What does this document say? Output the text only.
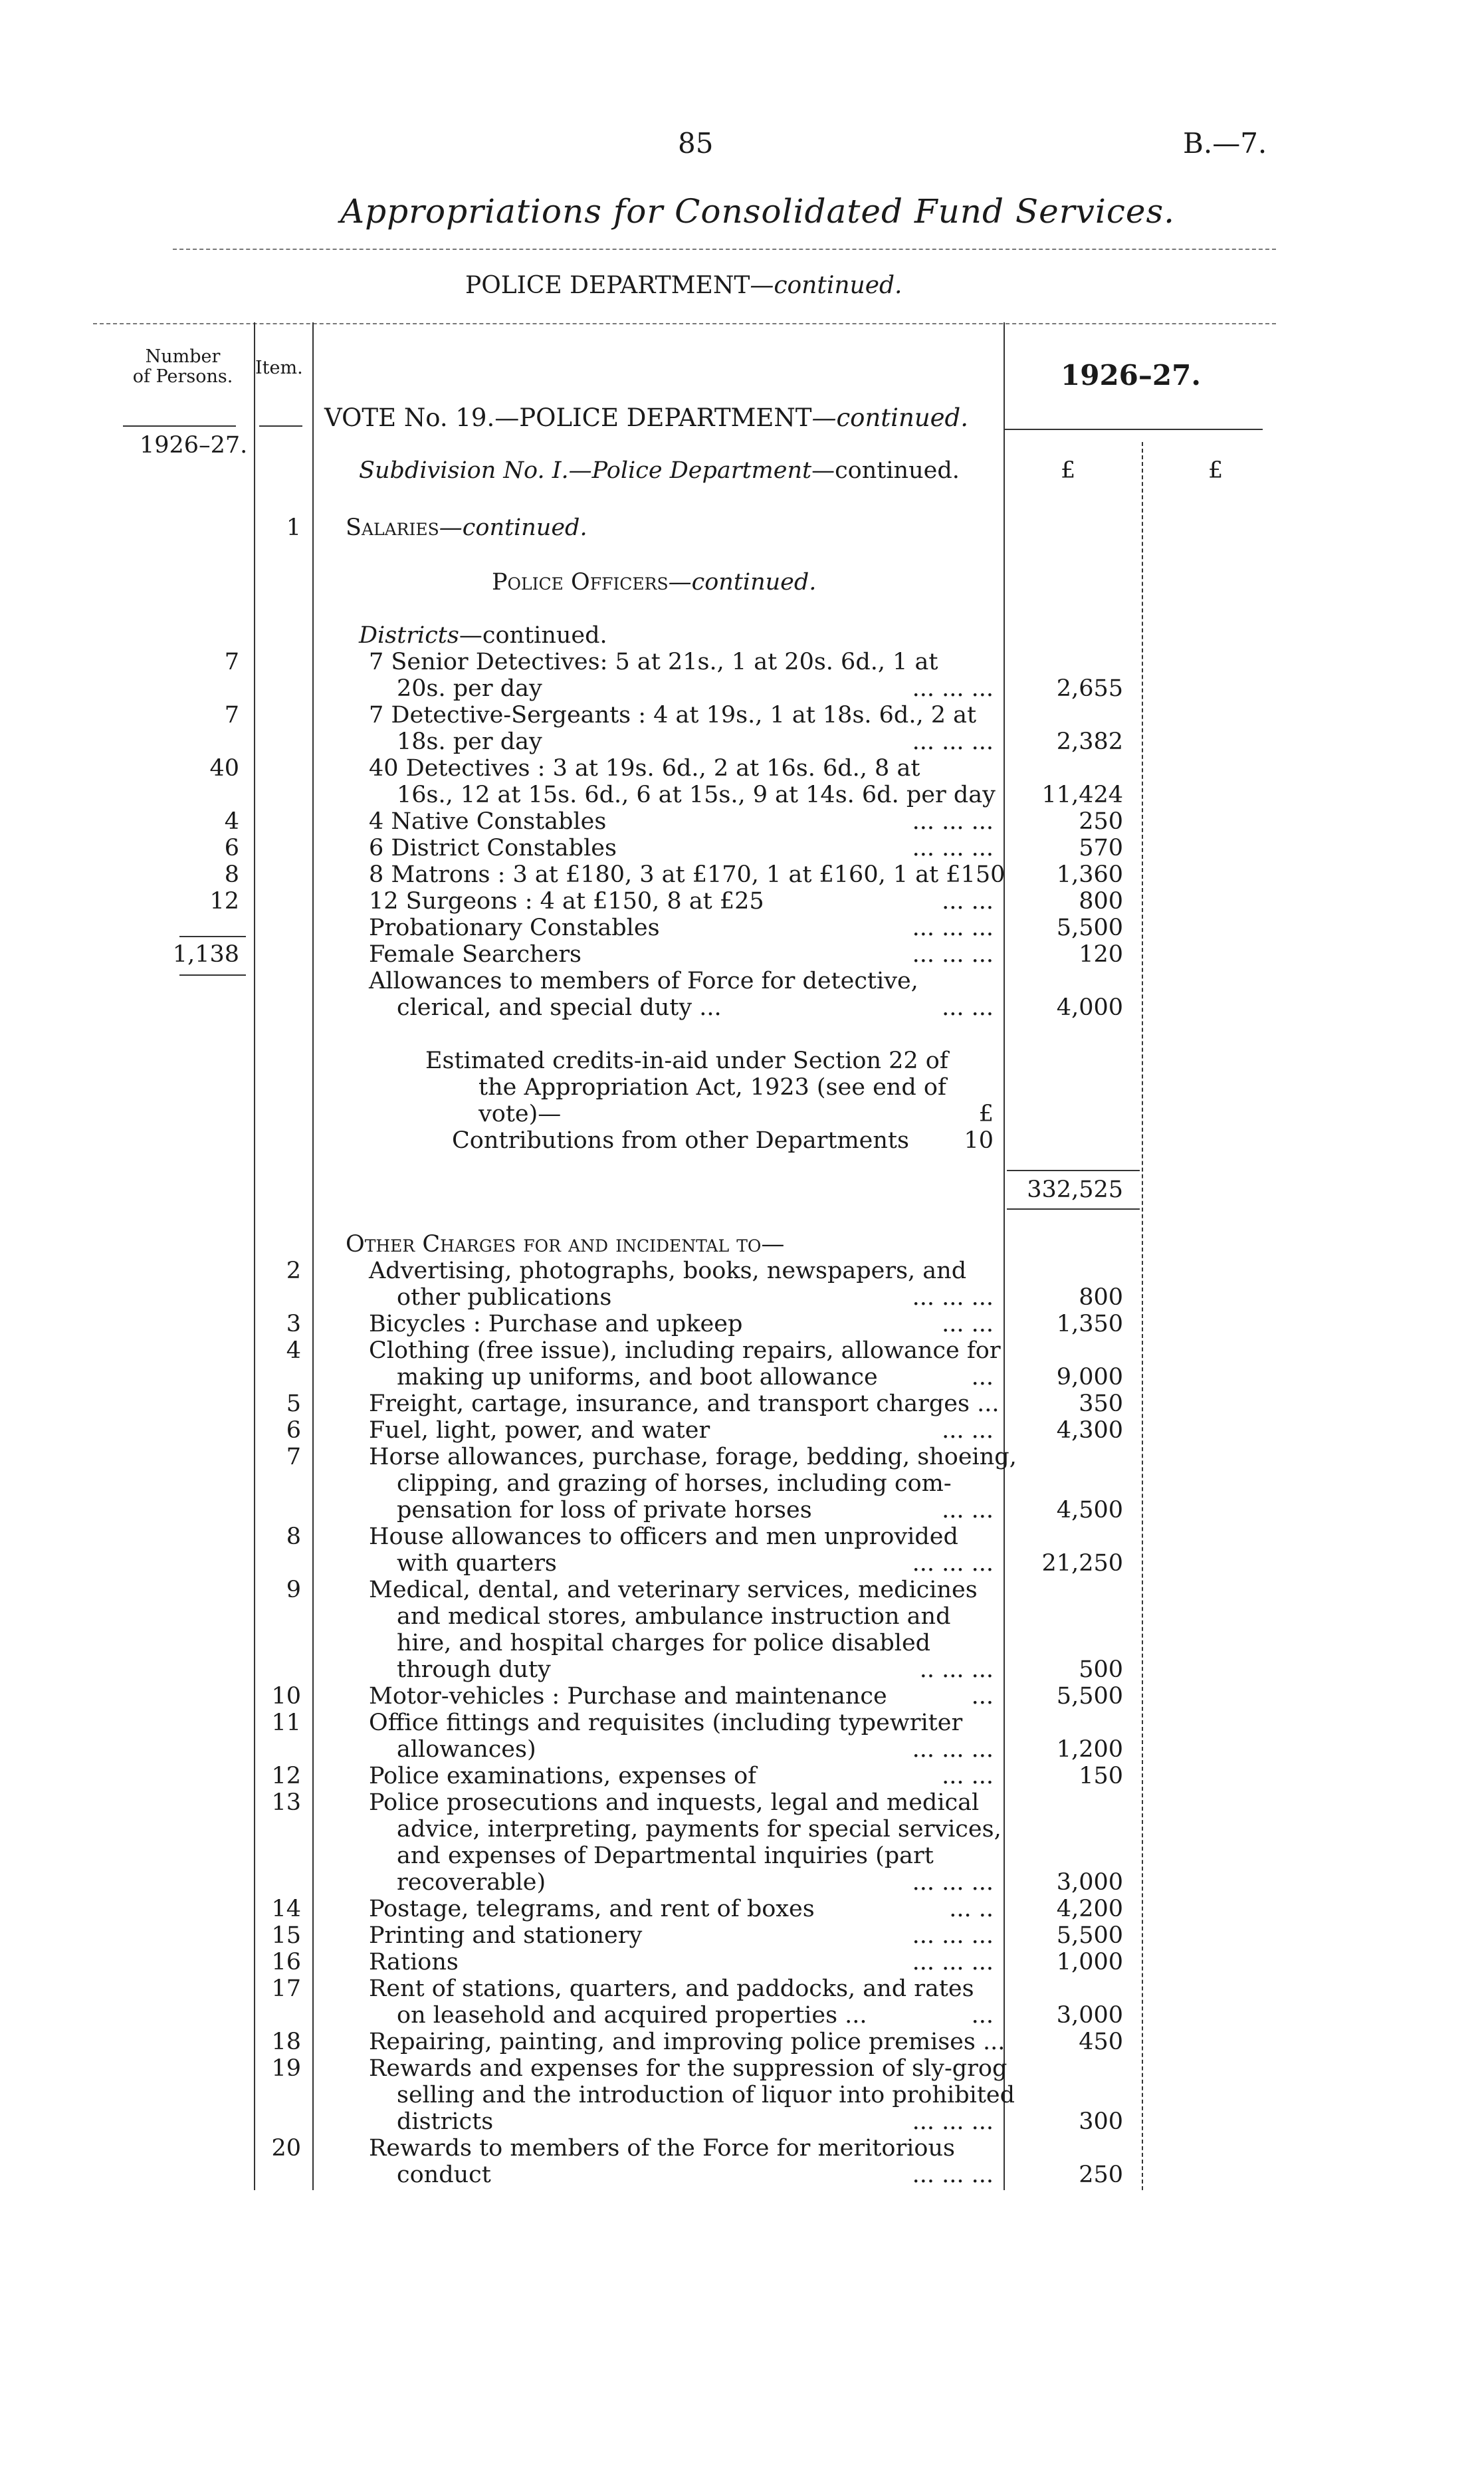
85	B.—7.
Appropriations for Consolidated Fund Services.
POLICE DEPARTMENT—continued.
Number
of Persons.	Item.	1926–27.
VOTE No. 19.—POLICE DEPARTMENT—continued.
1926–27.
Subdivision No. I.—Police Department—continued.	£	£
1 Salaries—continued.
Police Officers—continued.
Districts—continued.
7	7 Senior Detectives: 5 at 21s., 1 at 20s. 6d., 1 at
20s. per day	... ... ...	2,655
7	7 Detective-Sergeants : 4 at 19s., 1 at 18s. 6d., 2 at
18s. per day	... ... ...	2,382
40	40 Detectives : 3 at 19s. 6d., 2 at 16s. 6d., 8 at
16s., 12 at 15s. 6d., 6 at 15s., 9 at 14s. 6d. per day	11,424
4	4 Native Constables	... ... ...	250
6	6 District Constables	... ... ...	570
8	8 Matrons : 3 at £180, 3 at £170, 1 at £160, 1 at £150	1,360
12	12 Surgeons : 4 at £150, 8 at £25	... ...	800
Probationary Constables	... ... ...	5,500
1,138	Female Searchers	... ... ...	120
Allowances to members of Force for detective,
clerical, and special duty ...	... ...	4,000
Estimated credits-in-aid under Section 22 of
the Appropriation Act, 1923 (see end of
vote)—	£
Contributions from other Departments 10
332,525
Other Charges for and incidental to—
2	Advertising, photographs, books, newspapers, and
other publications	... ... ...	800
3	Bicycles : Purchase and upkeep	... ...	1,350
4	Clothing (free issue), including repairs, allowance for
making up uniforms, and boot allowance	...	9,000
5	Freight, cartage, insurance, and transport charges ...	350
6	Fuel, light, power, and water	... ...	4,300
7	Horse allowances, purchase, forage, bedding, shoeing,
clipping, and grazing of horses, including com-
pensation for loss of private horses	... ...	4,500
8	House allowances to officers and men unprovided
with quarters	... ... ...	21,250
9	Medical, dental, and veterinary services, medicines
and medical stores, ambulance instruction and
hire, and hospital charges for police disabled
through duty	.. ... ...	500
10	Motor-vehicles : Purchase and maintenance	...	5,500
11	Office fittings and requisites (including typewriter
allowances)	... ... ...	1,200
12	Police examinations, expenses of	... ...	150
13	Police prosecutions and inquests, legal and medical
advice, interpreting, payments for special services,
and expenses of Departmental inquiries (part
recoverable)	... ... ...	3,000
14	Postage, telegrams, and rent of boxes	... ..	4,200
15	Printing and stationery	... ... ...	5,500
16	Rations	... ... ...	1,000
17	Rent of stations, quarters, and paddocks, and rates
on leasehold and acquired properties ...	...	3,000
18	Repairing, painting, and improving police premises ...	450
19	Rewards and expenses for the suppression of sly-grog
selling and the introduction of liquor into prohibited
districts	... ... ...	300
20	Rewards to members of the Force for meritorious
conduct	... ... ...	250
